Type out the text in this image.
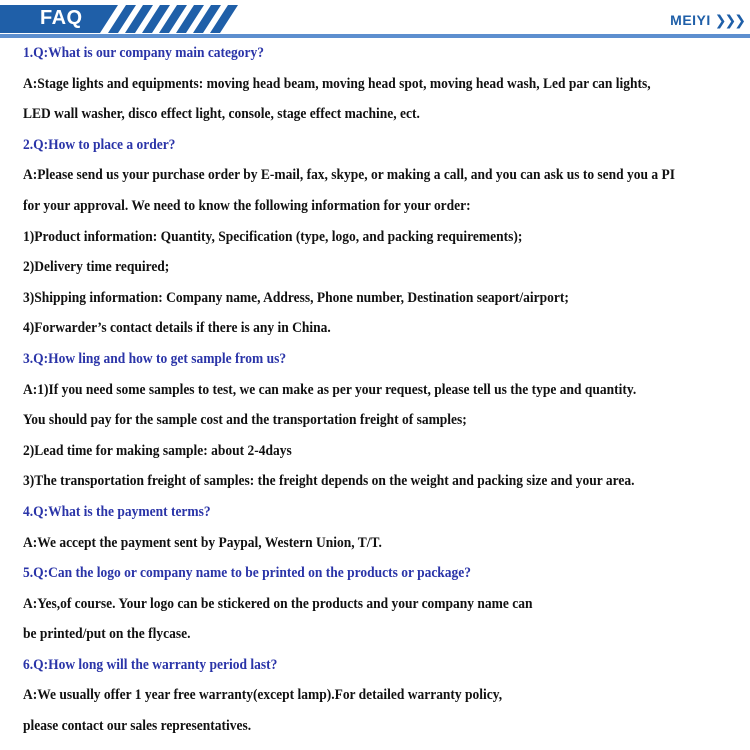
FAQ	MEIYI ❯❯❯
1.Q:What is our company main category?
A:Stage lights and equipments: moving head beam, moving head spot, moving head wash, Led par can lights,
LED wall washer, disco effect light, console, stage effect machine, ect.
2.Q:How to place a order?
A:Please send us your purchase order by E-mail, fax, skype, or making a call, and you can ask us to send you a PI
for your approval. We need to know the following information for your order:
1)Product information: Quantity, Specification (type, logo, and packing requirements);
2)Delivery time required;
3)Shipping information: Company name, Address, Phone number, Destination seaport/airport;
4)Forwarder’s contact details if there is any in China.
3.Q:How ling and how to get sample from us?
A:1)If you need some samples to test, we can make as per your request, please tell us the type and quantity.
You should pay for the sample cost and the transportation freight of samples;
2)Lead time for making sample: about 2-4days
3)The transportation freight of samples: the freight depends on the weight and packing size and your area.
4.Q:What is the payment terms?
A:We accept the payment sent by Paypal, Western Union, T/T.
5.Q:Can the logo or company name to be printed on the products or package?
A:Yes,of course. Your logo can be stickered on the products and your company name can
be printed/put on the flycase.
6.Q:How long will the warranty period last?
A:We usually offer 1 year free warranty(except lamp).For detailed warranty policy,
please contact our sales representatives.
